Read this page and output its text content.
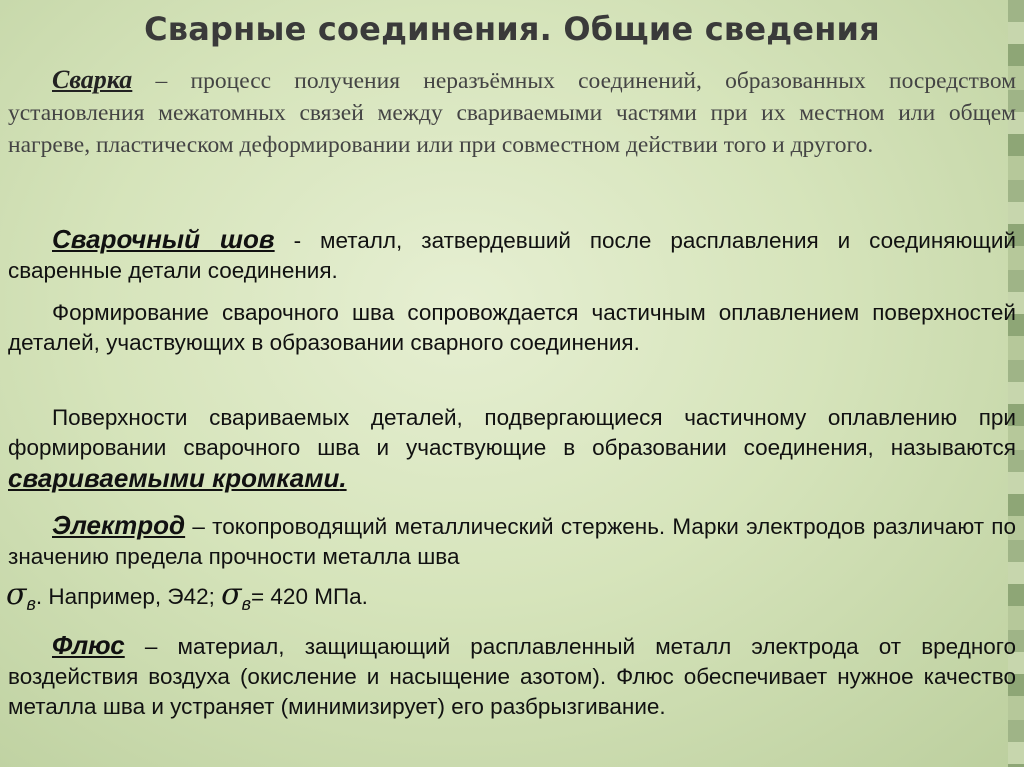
Сварные соединения. Общие сведения

Сварка – процесс получения неразъёмных соединений, образованных посредством установления межатомных связей между свариваемыми частями при их местном или общем нагреве, пластическом деформировании или при совместном действии того и другого.

Сварочный шов - металл, затвердевший после расплавления и соединяющий сваренные детали соединения.

Формирование сварочного шва сопровождается частичным оплавлением поверхностей деталей, участвующих в образовании сварного соединения.

Поверхности свариваемых деталей, подвергающиеся частичному оплавлению при формировании сварочного шва и участвующие в образовании соединения, называются свариваемыми кромками.

Электрод – токопроводящий металлический стержень. Марки электродов различают по значению предела прочности металла шва

$\sigma_в$. Например, Э42; $\sigma_в= 420$ МПа.

Флюс – материал, защищающий расплавленный металл электрода от вредного воздействия воздуха (окисление и насыщение азотом). Флюс обеспечивает нужное качество металла шва и устраняет (минимизирует) его разбрызгивание.
